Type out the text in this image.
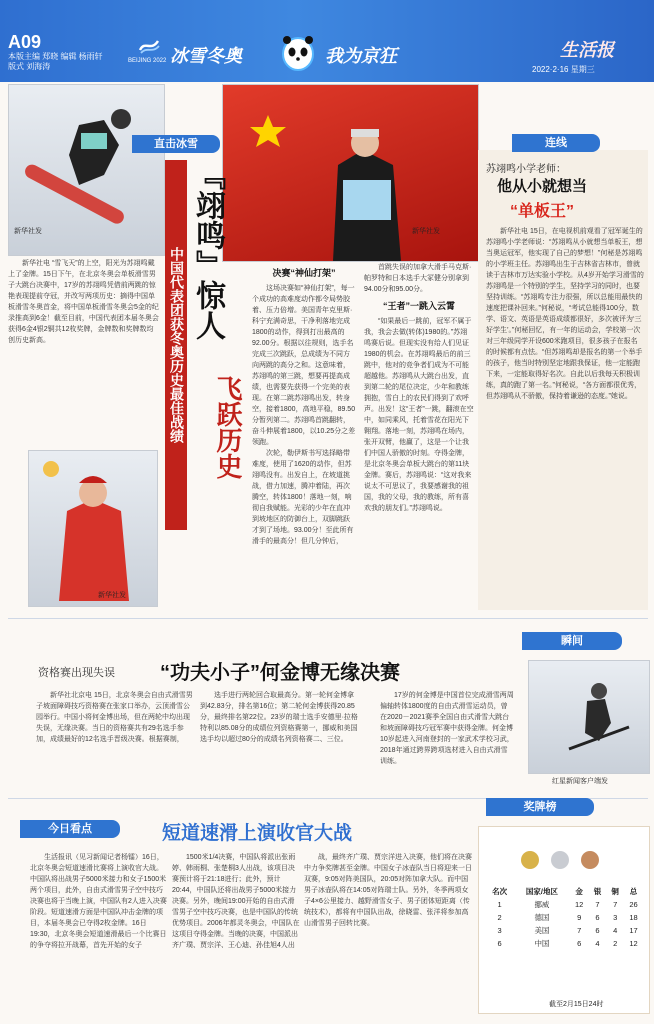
A09
本版主编 郑晓 编辑 杨雨轩 版式 刘海涛
BEIJING 2022 冰雪冬奥	我为京狂	生活报
2022·2·16 星期三
新华社发

新华社电 “雪飞天”的上空，阳光为苏翊鸣戴上了金牌。15日下午，在北京冬奥会单板滑雪男子大跳台决赛中，17岁的苏翊鸣凭借前两跳的惊艳表现提前夺冠，并改写两项历史：摘得中国单板滑雪冬奥首金，将中国单板滑雪冬奥会5金的纪录推高到6金！截至目前，中国代表团本届冬奥会获得6金4银2铜共12枚奖牌，金牌数和奖牌数均创历史新高。

新华社发
直击冰雪
新华社发
中国代表团获冬奥历史最佳战绩 『翊鸣』惊人
飞跃历史
决赛“神仙打架”

这场决赛如“神仙打架”，每一个成功的高难度动作都令局势胶着、压力倍增。美国青年克里斯·科宁充满奇思，干净利落地完成1800的动作，得到打出最高的92.00分。根据以往规则，选手名完成三次跳跃，总成绩为不同方向两跳的高分之和。这意味着，苏翊鸣的第三跳，想要再提高成绩，也需要先获得一个完美的表现。在第二跳苏翊鸣出发，转身空，接着1800，高地平稳，89.50分暂列第二。苏翊鸣首跳翻转，奋斗伸展着1800，以10.25分之差领跑。

次轮，勒伊斯书写选择略带难度，使用了1620的动作，但苏翊鸣没有。出发自上，在坡道挑战，借力加速，腾冲着陆，再次腾空，转体1800！落地一刻，响彻自我赋能。光彩的少年在直冲到坡地区的防御台上，双脚跳跃才到了场地。93.00分！至此所有滑手的最高分！但几分钟后，

首跳失误的加拿大滑手马克斯·帕罗特和日本选手大冢健分别拿到94.00分和95.00分。

“王者”一跳入云霄

“如果最后一跳前，冠军不属于我，我会去做(转体)1980的。”苏翊鸣赛后说。但现实没有给人们见证1980的机会。在苏翊鸣最后的前三跳中，他对的竞争者们成为不可能超越他。苏翊鸣从大跳台出发，直到第二轮的尾位决定，少年和教练拥抱，雪白上的农民们得到了欢呼声。出发！这“王者”一跳，翻滚在空中，如同乘风，托着雪花在阳光下翱翔。落地一刻，苏翊鸣在场内，张开双臂，他赢了，这是一个让我们中国人骄傲的时刻。夺得金牌，是北京冬奥会单板大跳台的第11块金牌。赛后，苏翊鸣说：“这对我来说太不可思议了，我要感谢我的祖国，我的父母，我的教练，所有喜欢我的朋友们。”苏翊鸣说。

连线
苏翊鸣小学老师：
他从小就想当
“单板王”

新华社电 15日，在电视机前观看了冠军诞生的苏翊鸣小学老师说：“苏翊鸣从小就想当单板王，想当奥运冠军，他实现了自己的梦想！”何秘是苏翊鸣的小学班主任。苏翊鸣出生于吉林省吉林市，曾就读于吉林市万达实验小学校。从4岁开始学习滑雪的苏翊鸣是一个特别的学生，坚持学习的同时，也要坚持训练。“苏翊鸣专注力很强，所以总能用最快的速度把课补回来。”何秘说，“考试总能得100分，数学、语文、英语是英语成绩都很好，多次被评为‘三好学生’。”何秘回忆，有一年的运动会，学校第一次对三年级同学开设600米跑项目，很多孩子在报名的时候都有点怯。“但苏翊鸣却是报名的第一个举手的孩子，他当时特别坚定地跟我保证，他一定能跑下来，一定能取得好名次。自此以后我每天积极训练，真的跑了第一名。”何秘说，“各方面都很优秀，但苏翊鸣从不骄傲，保持着谦逊的态度。”她说。

瞬间
资格赛出现失误 “功夫小子”何金博无缘决赛

新华社北京电 15日，北京冬奥会自由式滑雪男子坡面障碍技巧资格赛在张家口举办，云顶滑雪公园举行。中国小将何金博出场，但在两轮中均出现失误，无缘决赛。当日的资格赛共有29名选手参加，成绩最好的12名选手晋级决赛。根据赛制，

选手进行两轮回合取最高分。第一轮何金博拿到42.83分，排名第16位；第二轮何金博获得20.85分，最终排名第22位。23岁的瑞士选手安德里·拉格特利以85.08分的成绩位列资格赛第一，挪威和美国选手均以超过80分的成绩名列资格赛二、三位。

17岁的何金博是中国首位完成滑雪两周偏轴转体1800度的自由式滑雪运动员，曾在2020－2021赛季全国自由式滑雪大跳台和坡面障碍技巧冠军赛中获得金牌。何金博10岁起进入河南登封的一家武术学校习武，2018年通过跨界跨项选材进入自由式滑雪训练。

红星新闻客户端发
今日看点	短道速滑上演收官大战

生活报讯（见习新闻记者杨镭）16日，北京冬奥会短道速滑比赛将上演收官大战。中国队将出战男子5000米接力和女子1500米两个项目，此外，自由式滑雪男子空中技巧决赛也将于当晚上演，中国队有2人进入决赛阶段。短道速滑方面是中国队冲击金牌的项目，本届冬奥会已夺得2枚金牌。16日19:30，北京冬奥会短道速滑最后一个比赛日的争夺将拉开战幕，首先开始的女子

1500米1/4决赛，中国队将派出张雨婷、韩雨桐、张楚桐3人出战，该项目决赛预计将于21:18进行；此外，预计20:44，中国队还将出战男子5000米接力决赛。另外，晚间19:00开始的自由式滑雪男子空中技巧决赛，也是中国队的传统优势项目。2006年都灵冬奥会，中国队在这项目夺得金牌。当晚的决赛，中国派出齐广璞、贾宗洋、王心迪、孙佳旭4人出

战，最终齐广璞、贾宗洋进入决赛，他们将在决赛中力争奖牌甚至金牌。中国女子冰壶队当日将迎来一日双赛，9:05对阵美国队，20:05对阵加拿大队。而中国男子冰壶队将在14:05对阵瑞士队。另外，冬季两项女子4×6公里接力、越野滑雪女子、男子团体短距离（传统技术），都将有中国队出战，徐晓雷、张洋将参加高山滑雪男子回转比赛。

奖牌榜
名次	国家/地区	金	银	铜	总
1	挪威	12	7	7	26
2	德国	9	6	3	18
3	美国	7	6	4	17
6	中国	6	4	2	12
截至2月15日24时
